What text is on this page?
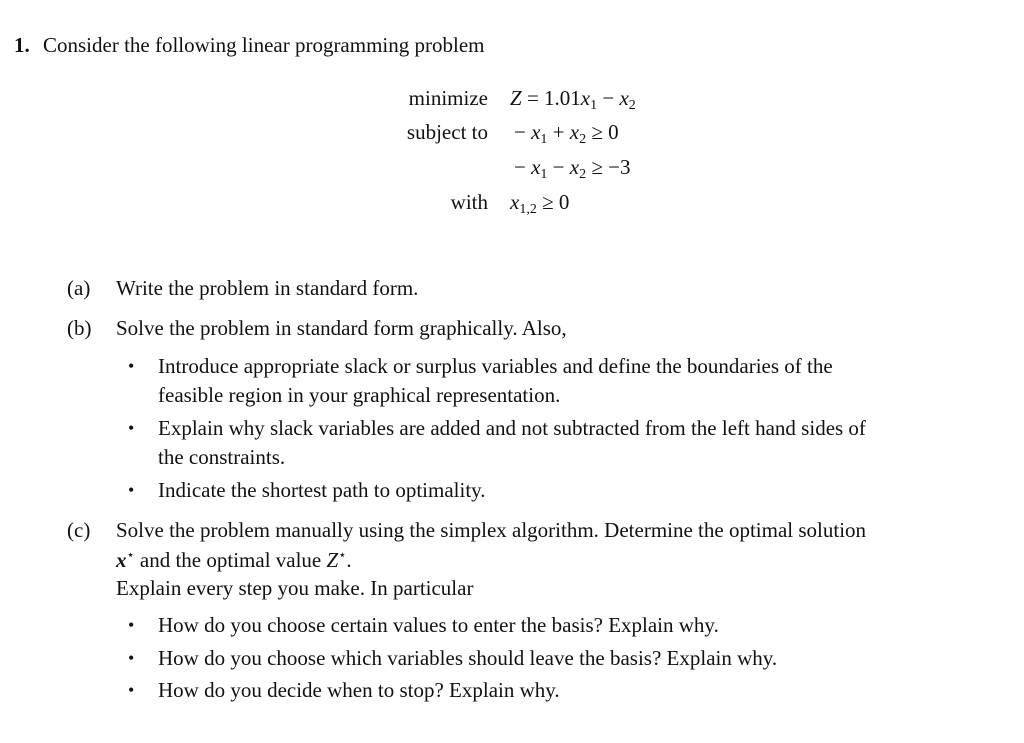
1. Consider the following linear programming problem
minimize $Z = 1.01x_1 - x_2$
subject to − $x_1 + x_2 \ge 0$
− $x_1 - x_2 \ge -3$
with $x_{1,2} \ge 0$
(a) Write the problem in standard form.
(b) Solve the problem in standard form graphically. Also,
• Introduce appropriate slack or surplus variables and define the boundaries of the
feasible region in your graphical representation.
• Explain why slack variables are added and not subtracted from the left hand sides of
the constraints.
• Indicate the shortest path to optimality.
(c) Solve the problem manually using the simplex algorithm. Determine the optimal solution
x⋆ and the optimal value Z⋆.
Explain every step you make. In particular
• How do you choose certain values to enter the basis? Explain why.
• How do you choose which variables should leave the basis? Explain why.
• How do you decide when to stop? Explain why.
